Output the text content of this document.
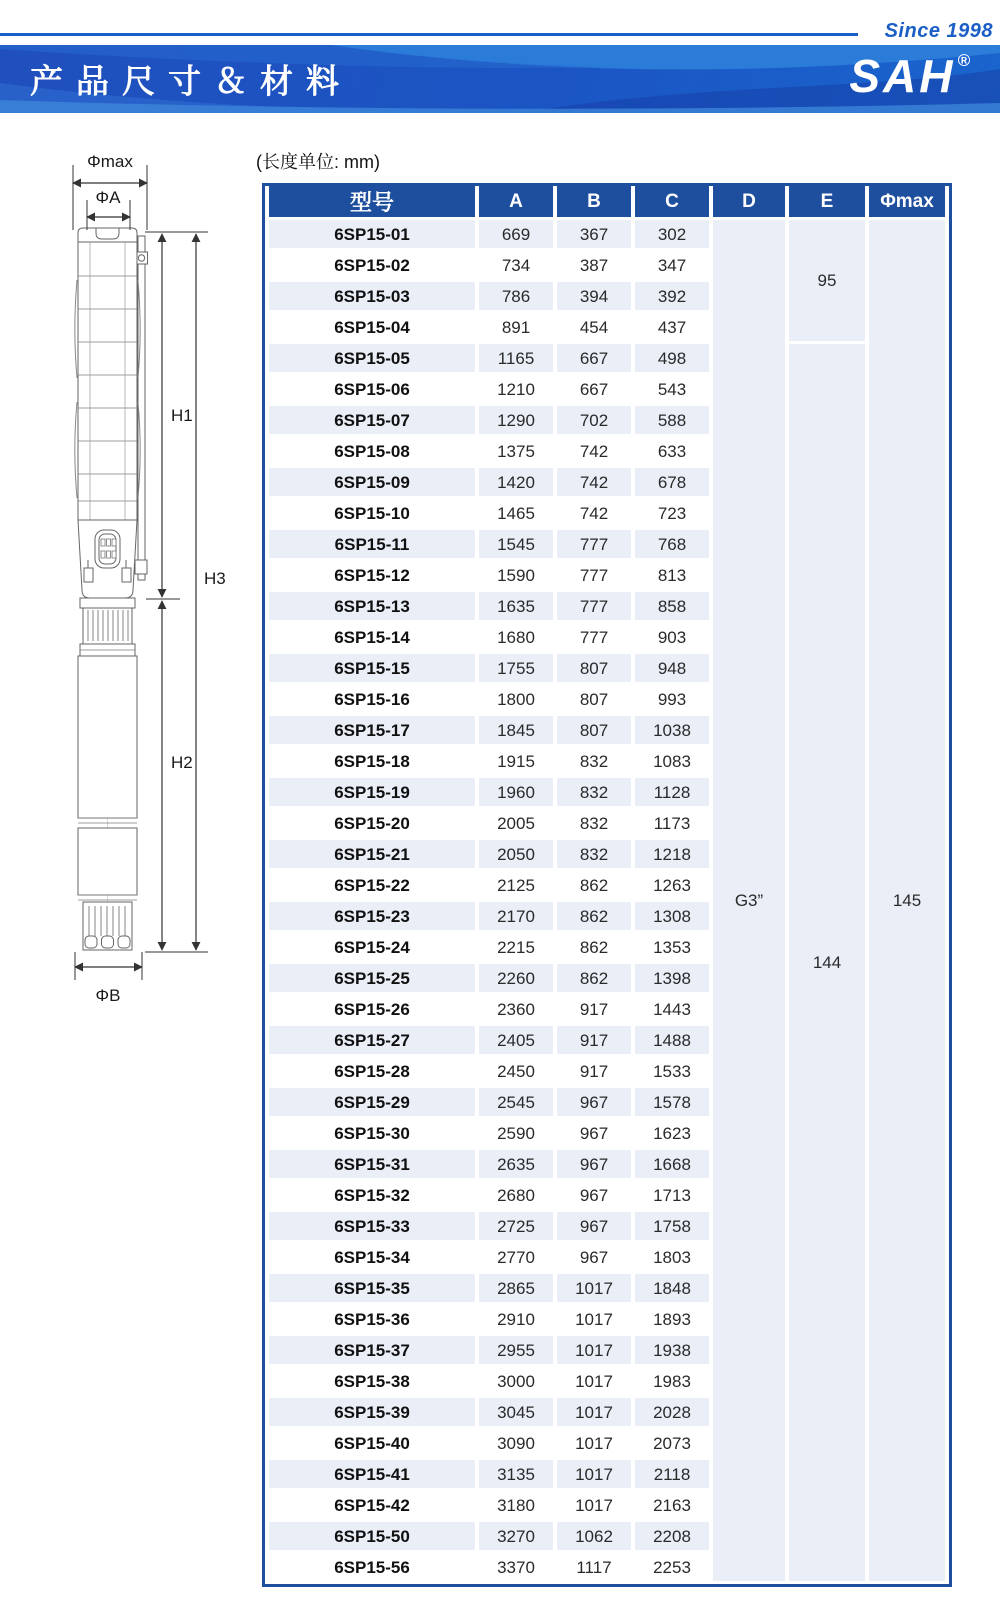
Since 1998
产品尺寸＆材料	SAH ®
(长度单位: mm)
Φmax
ΦA
H1
H3
H2
ΦB
型号	A	B	C	D	E	Φmax
6SP15-01	669	367	302	G3”	95	145
6SP15-02	734	387	347			
6SP15-03	786	394	392			
6SP15-04	891	454	437			
6SP15-05	1165	667	498		144	
6SP15-06	1210	667	543			
6SP15-07	1290	702	588			
6SP15-08	1375	742	633			
6SP15-09	1420	742	678			
6SP15-10	1465	742	723			
6SP15-11	1545	777	768			
6SP15-12	1590	777	813			
6SP15-13	1635	777	858			
6SP15-14	1680	777	903			
6SP15-15	1755	807	948			
6SP15-16	1800	807	993			
6SP15-17	1845	807	1038			
6SP15-18	1915	832	1083			
6SP15-19	1960	832	1128			
6SP15-20	2005	832	1173			
6SP15-21	2050	832	1218			
6SP15-22	2125	862	1263			
6SP15-23	2170	862	1308			
6SP15-24	2215	862	1353			
6SP15-25	2260	862	1398			
6SP15-26	2360	917	1443			
6SP15-27	2405	917	1488			
6SP15-28	2450	917	1533			
6SP15-29	2545	967	1578			
6SP15-30	2590	967	1623			
6SP15-31	2635	967	1668			
6SP15-32	2680	967	1713			
6SP15-33	2725	967	1758			
6SP15-34	2770	967	1803			
6SP15-35	2865	1017	1848			
6SP15-36	2910	1017	1893			
6SP15-37	2955	1017	1938			
6SP15-38	3000	1017	1983			
6SP15-39	3045	1017	2028			
6SP15-40	3090	1017	2073			
6SP15-41	3135	1017	2118			
6SP15-42	3180	1017	2163			
6SP15-50	3270	1062	2208			
6SP15-56	3370	1117	2253			
